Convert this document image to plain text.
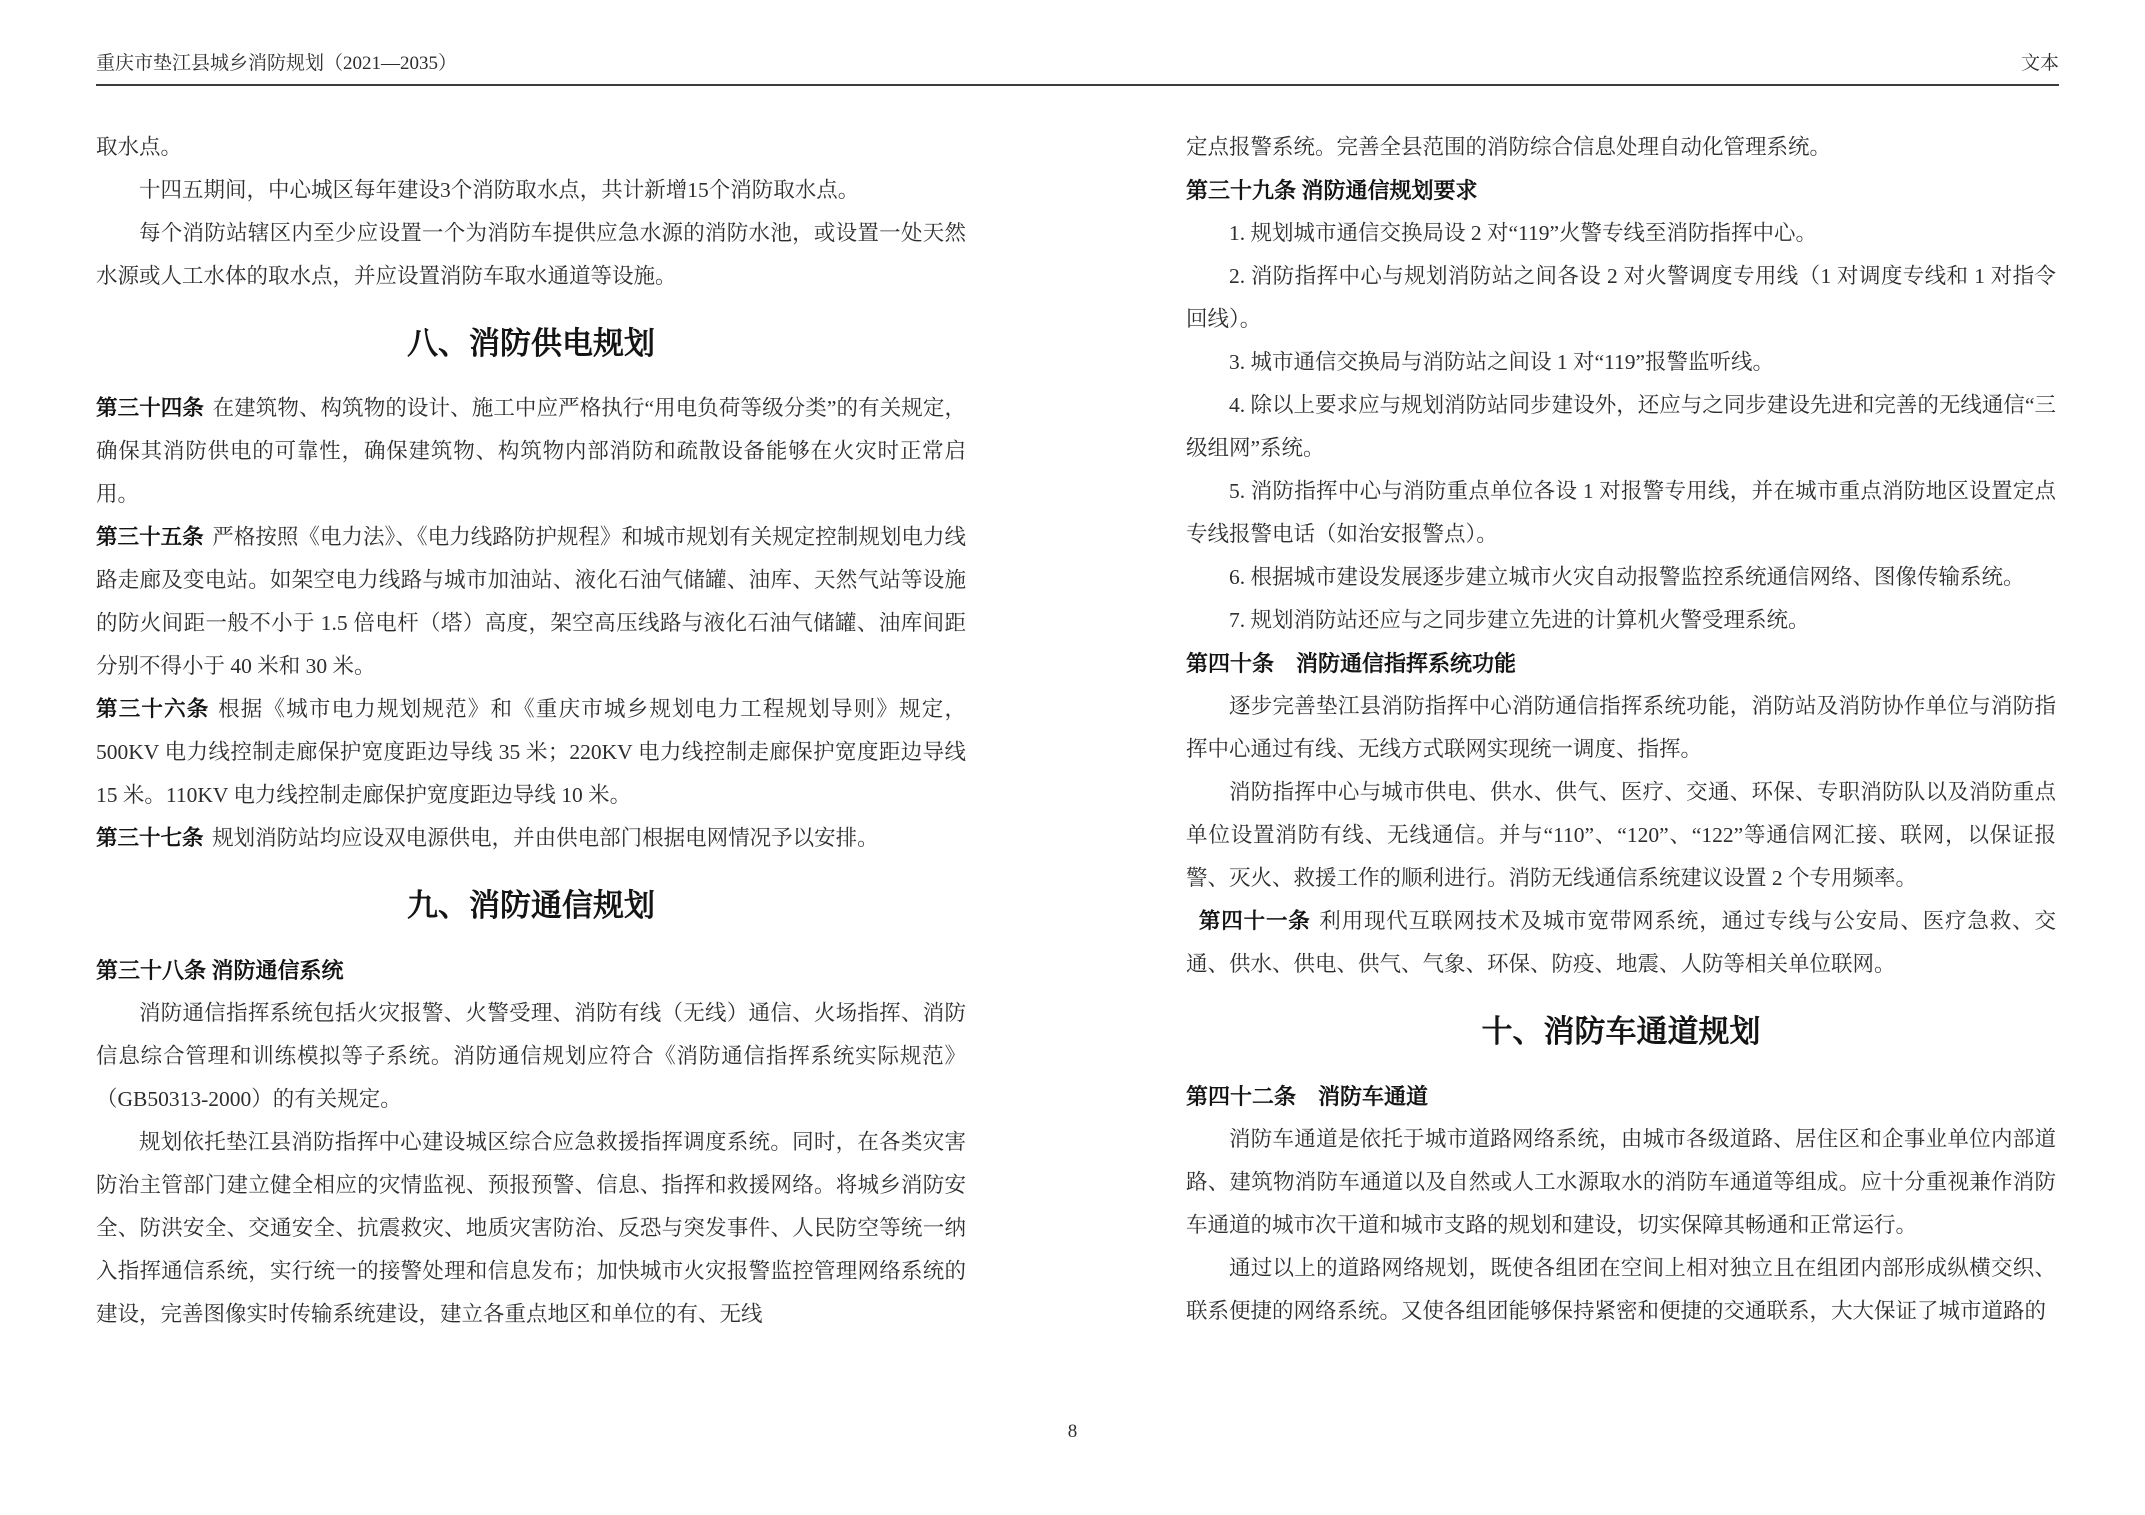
重庆市垫江县城乡消防规划（2021—2035）	文本
取水点。
十四五期间，中心城区每年建设3个消防取水点，共计新增15个消防取水点。
每个消防站辖区内至少应设置一个为消防车提供应急水源的消防水池，或设置一处天然水源或人工水体的取水点，并应设置消防车取水通道等设施。
八、消防供电规划
第三十四条 在建筑物、构筑物的设计、施工中应严格执行“用电负荷等级分类”的有关规定，确保其消防供电的可靠性，确保建筑物、构筑物内部消防和疏散设备能够在火灾时正常启用。
第三十五条 严格按照《电力法》、《电力线路防护规程》和城市规划有关规定控制规划电力线路走廊及变电站。如架空电力线路与城市加油站、液化石油气储罐、油库、天然气站等设施的防火间距一般不小于 1.5 倍电杆（塔）高度，架空高压线路与液化石油气储罐、油库间距分别不得小于 40 米和 30 米。
第三十六条 根据《城市电力规划规范》和《重庆市城乡规划电力工程规划导则》规定，500KV 电力线控制走廊保护宽度距边导线 35 米；220KV 电力线控制走廊保护宽度距边导线 15 米。110KV 电力线控制走廊保护宽度距边导线 10 米。
第三十七条 规划消防站均应设双电源供电，并由供电部门根据电网情况予以安排。
九、消防通信规划
第三十八条 消防通信系统
消防通信指挥系统包括火灾报警、火警受理、消防有线（无线）通信、火场指挥、消防信息综合管理和训练模拟等子系统。消防通信规划应符合《消防通信指挥系统实际规范》（GB50313-2000）的有关规定。
规划依托垫江县消防指挥中心建设城区综合应急救援指挥调度系统。同时，在各类灾害防治主管部门建立健全相应的灾情监视、预报预警、信息、指挥和救援网络。将城乡消防安全、防洪安全、交通安全、抗震救灾、地质灾害防治、反恐与突发事件、人民防空等统一纳入指挥通信系统，实行统一的接警处理和信息发布；加快城市火灾报警监控管理网络系统的建设，完善图像实时传输系统建设，建立各重点地区和单位的有、无线
定点报警系统。完善全县范围的消防综合信息处理自动化管理系统。
第三十九条 消防通信规划要求
1. 规划城市通信交换局设 2 对“119”火警专线至消防指挥中心。
2. 消防指挥中心与规划消防站之间各设 2 对火警调度专用线（1 对调度专线和 1 对指令回线）。
3. 城市通信交换局与消防站之间设 1 对“119”报警监听线。
4. 除以上要求应与规划消防站同步建设外，还应与之同步建设先进和完善的无线通信“三级组网”系统。
5. 消防指挥中心与消防重点单位各设 1 对报警专用线，并在城市重点消防地区设置定点专线报警电话（如治安报警点）。
6. 根据城市建设发展逐步建立城市火灾自动报警监控系统通信网络、图像传输系统。
7. 规划消防站还应与之同步建立先进的计算机火警受理系统。
第四十条　消防通信指挥系统功能
逐步完善垫江县消防指挥中心消防通信指挥系统功能，消防站及消防协作单位与消防指挥中心通过有线、无线方式联网实现统一调度、指挥。
消防指挥中心与城市供电、供水、供气、医疗、交通、环保、专职消防队以及消防重点单位设置消防有线、无线通信。并与“110”、“120”、“122”等通信网汇接、联网，以保证报警、灭火、救援工作的顺利进行。消防无线通信系统建议设置 2 个专用频率。
第四十一条 利用现代互联网技术及城市宽带网系统，通过专线与公安局、医疗急救、交通、供水、供电、供气、气象、环保、防疫、地震、人防等相关单位联网。
十、消防车通道规划
第四十二条　消防车通道
消防车通道是依托于城市道路网络系统，由城市各级道路、居住区和企事业单位内部道路、建筑物消防车通道以及自然或人工水源取水的消防车通道等组成。应十分重视兼作消防车通道的城市次干道和城市支路的规划和建设，切实保障其畅通和正常运行。
通过以上的道路网络规划，既使各组团在空间上相对独立且在组团内部形成纵横交织、联系便捷的网络系统。又使各组团能够保持紧密和便捷的交通联系，大大保证了城市道路的
8
